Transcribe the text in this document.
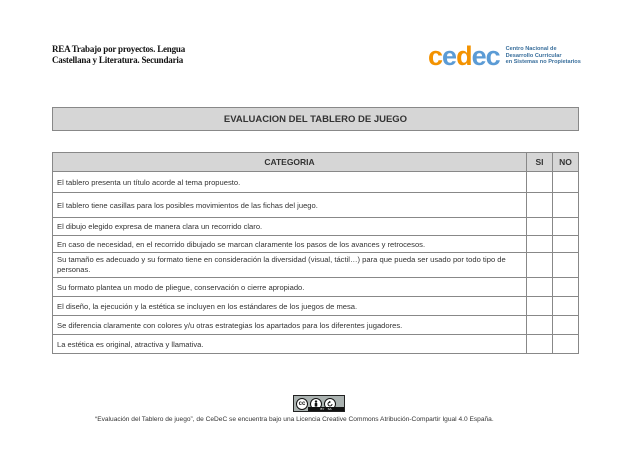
REA Trabajo por proyectos. Lengua Castellana y Literatura. Secundaria	c e d ec Centro Nacional de
Desarrollo Curricular
en Sistemas no Propietarios
EVALUACION DEL TABLERO DE JUEGO
CATEGORIA	SI	NO
El tablero presenta un título acorde al tema propuesto.		
El tablero tiene casillas para los posibles movimientos de las fichas del juego.		
El dibujo elegido expresa de manera clara un recorrido claro.		
En caso de necesidad, en el recorrido dibujado se marcan claramente los pasos de los avances y retrocesos.		
Su tamaño es adecuado y su formato tiene en consideración la diversidad (visual, táctil…) para que pueda ser usado por todo tipo de personas.		
Su formato plantea un modo de pliegue, conservación o cierre apropiado.		
El diseño, la ejecución y la estética se incluyen en los estándares de los juegos de mesa.		
Se diferencia claramente con colores y/u otras estrategias los apartados para los diferentes jugadores.		
La estética es original, atractiva y llamativa.		
cc
BY SA
“Evaluación del Tablero de juego”, de CeDeC se encuentra bajo una Licencia Creative Commons Atribución-Compartir Igual 4.0 España.
